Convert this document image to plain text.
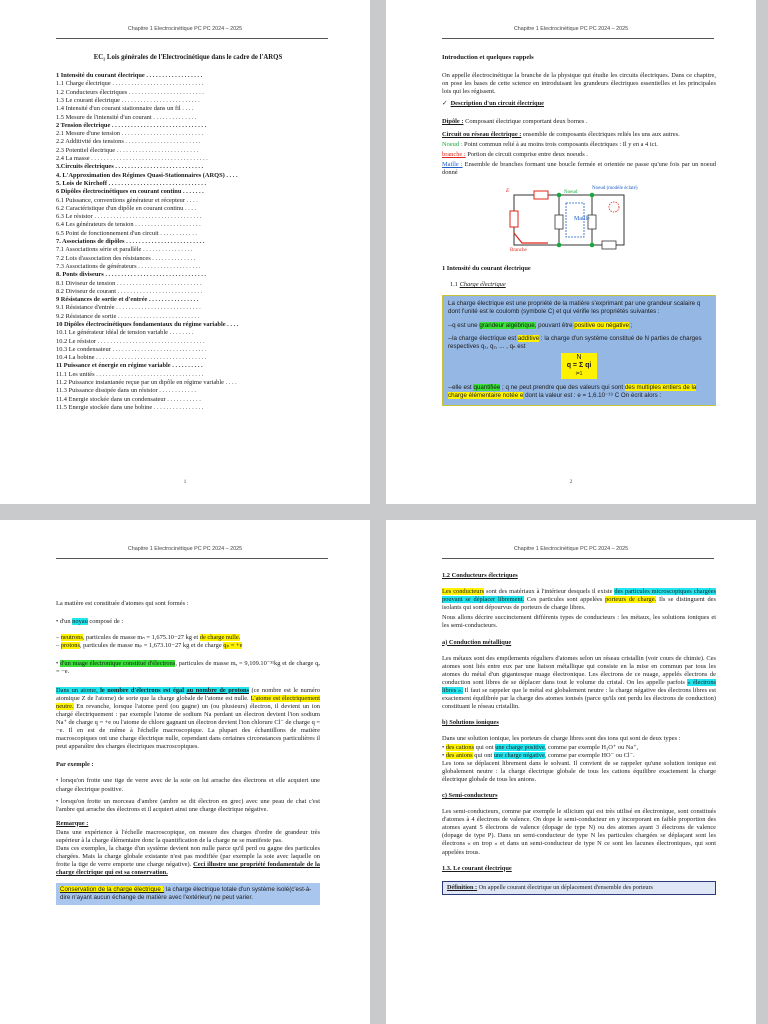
Chapitre 1 Electrocinétique PC PC 2024 – 2025
EC₁ Lois générales de l'Electrocinétique dans le cadre de l'ARQS
1 Intensité du courant électrique . . . . . . . . . . . . . . . . . .
1.1 Charge électrique . . . . . . . . . . . . . . . . . . . . . . . . . . . . .
1.2 Conducteurs électriques . . . . . . . . . . . . . . . . . . . . . . . .
1.3 Le courant électrique . . . . . . . . . . . . . . . . . . . . . . . . .
1.4 Intensité d'un courant stationnaire dans un fil . . . .
1.5 Mesure de l'intensité d'un courant . . . . . . . . . . . . . .
2 Tension électrique . . . . . . . . . . . . . . . . . . . . . . . . . . . . . .
2.1 Mesure d'une tension . . . . . . . . . . . . . . . . . . . . . . . . . .
2.2 Additivité des tensions . . . . . . . . . . . . . . . . . . . . . . . .
2.3 Potentiel électrique . . . . . . . . . . . . . . . . . . . . . . . . . .
2.4 La masse . . . . . . . . . . . . . . . . . . . . . . . . . . . . . . . . . . . . .
3.Circuits électriques . . . . . . . . . . . . . . . . . . . . . . . . . . . .
4. L'Approximation des Régimes Quasi-Stationnaires (ARQS) . . . .
5. Lois de Kirchoff . . . . . . . . . . . . . . . . . . . . . . . . . . . . . . .
6 Dipôles électrocinétiques en courant continu . . . . . . .
6.1 Puissance, conventions générateur et récepteur . . . .
6.2 Caractéristique d'un dipôle en courant continu . . . .
6.3 Le résistor . . . . . . . . . . . . . . . . . . . . . . . . . . . . . . . . . .
6.4 Les générateurs de tension . . . . . . . . . . . . . . . . . . . . .
6.5 Point de fonctionnement d'un circuit . . . . . . . . . . . .
7. Associations de dipôles . . . . . . . . . . . . . . . . . . . . . . . . .
7.1 Associations série et parallèle . . . . . . . . . . . . . . . .
7.2 Lois d'association des résistances . . . . . . . . . . . . . .
7.3 Associations de générateurs . . . . . . . . . . . . . . . . . . . .
8. Ponts diviseurs . . . . . . . . . . . . . . . . . . . . . . . . . . . . . . . .
8.1 Diviseur de tension . . . . . . . . . . . . . . . . . . . . . . . . . . .
8.2 Diviseur de courant . . . . . . . . . . . . . . . . . . . . . . . . . . .
9 Résistances de sortie et d'entrée . . . . . . . . . . . . . . . .
9.1 Résistance d'entrée . . . . . . . . . . . . . . . . . . . . . . . . . . .
9.2 Résistance de sortie . . . . . . . . . . . . . . . . . . . . . . . . . .
10 Dipôles électrocinétiques fondamentaux du régime variable . . . .
10.1 Le générateur idéal de tension variable . . . . . . . .
10.2 Le résistor . . . . . . . . . . . . . . . . . . . . . . . . . . . . . . . . . .
10.3 Le condensateur . . . . . . . . . . . . . . . . . . . . . . . . . . . . . .
10.4 La bobine . . . . . . . . . . . . . . . . . . . . . . . . . . . . . . . . . . .
11 Puissance et énergie en régime variable . . . . . . . . . .
11.1 Les unités . . . . . . . . . . . . . . . . . . . . . . . . . . . . . . . . . .
11.2 Puissance instantanée reçue par un dipôle en régime variable . . . .
11.3 Puissance dissipée dans un résistor . . . . . . . . . . . .
11.4 Energie stockée dans un condensateur . . . . . . . . . . .
11.5 Energie stockée dans une bobine . . . . . . . . . . . . . . . .
1
Chapitre 1 Electrocinétique PC PC 2024 – 2025
Introduction et quelques rappels

On appelle électrocinétique la branche de la physique qui étudie les circuits électriques. Dans ce chapitre, on pose les bases de cette science en introduisant les grandeurs électriques essentielles et les principales lois qui les régissent.

✓ Description d'un circuit électrique

Dipôle : Composant électrique comportant deux bornes .

Circuit ou réseau électrique : ensemble de composants électriques reliés les uns aux autres.

Noeud : Point commun relié à au moins trois composants électriques : Il y en a 4 ici.

branche : Portion de circuit comprise entre deux noeuds .

Maille : Ensemble de branches formant une boucle fermée et orientée ne passe qu'une fois par un noeud donné

E	Noeud
Noeud (modèle éclaté)
Maille
Branche
1 Intensité du courant électrique
1.1 Charge électrique

La charge électrique est une propriété de la matière s'exprimant par une grandeur scalaire q dont l'unité est le coulomb (symbole C) et qui vérifie les propriétés suivantes :

--q est une grandeur algébrique, pouvant être positive ou négative ;

--la charge électrique est additive : la charge d'un système constitué de N parties de charges respectives q₁, q₂, ... , qₙ est

N
q = Σ qi
i=1

--elle est quantifiée ; q ne peut prendre que des valeurs qui sont des multiples entiers de la charge élémentaire notée e dont la valeur est : e = 1,6.10⁻¹⁹ C On écrit alors :

2
Chapitre 1 Electrocinétique PC PC 2024 – 2025

La matière est constituée d'atomes qui sont formés :

• d'un noyau composé de :

– neutrons, particules de masse mₙ = 1,675.10−27 kg et de charge nulle.

– protons, particules de masse mₚ = 1,673.10−27 kg et de charge qₚ = +e

• d'un nuage électronique constitué d'électrons, particules de masse mₑ = 9,109.10⁻³¹kg et de charge qₑ = −e.

Dans un atome, le nombre d'électrons est égal au nombre de protons (ce nombre est le numéro atomique Z de l'atome) de sorte que la charge globale de l'atome est nulle. L'atome est électriquement neutre. En revanche, lorsque l'atome perd (ou gagne) un (ou plusieurs) électron, il devient un ion chargé électriquement : par exemple l'atome de sodium Na perdant un électron devient l'ion sodium Na⁺ de charge q = +e ou l'atome de chlore gagnant un électron devient l'ion chlorure Cl⁻ de charge q = −e. Il en est de même à l'échelle macroscopique. La plupart des échantillons de matière macroscopiques ont une charge électrique nulle, cependant dans certaines circonstances particulières il peut apparaître des charges électriques macroscopiques.

Par exemple :

• lorsqu'on frotte une tige de verre avec de la soie on lui arrache des électrons et elle acquiert une charge électrique positive.

• lorsqu'on frotte un morceau d'ambre (ambre se dit électron en grec) avec une peau de chat c'est l'ambre qui arrache des électrons et il acquiert ainsi une charge électrique négative.

Remarque :

Dans une expérience à l'échelle macroscopique, on mesure des charges d'ordre de grandeur très supérieur à la charge élémentaire donc la quantification de la charge ne se manifeste pas.

Dans ces exemples, la charge d'un système devient non nulle parce qu'il perd ou gagne des particules chargées. Mais la charge globale existante n'est pas modifiée (par exemple la soie avec laquelle on frotte la tige de verre emporte une charge négative). Ceci illustre une propriété fondamentale de la charge électrique qui est sa conservation.

Conservation de la charge électrique : la charge électrique totale d'un système isolé(c'est-à-dire n'ayant aucun échange de matière avec l'extérieur) ne peut varier.
Chapitre 1 Electrocinétique PC PC 2024 – 2025
1.2 Conducteurs électriques

Les conducteurs sont des matériaux à l'intérieur desquels il existe des particules microscopiques chargées pouvant se déplacer librement. Ces particules sont appelées porteurs de charge. Ils se distinguent des isolants qui sont dépourvus de porteurs de charge libres.

Nous allons décrire succinctement différents types de conducteurs : les métaux, les solutions ioniques et les semi-conducteurs.

a) Conduction métallique

Les métaux sont des empilements réguliers d'atomes selon un réseau cristallin (voir cours de chimie). Ces atomes sont liés entre eux par une liaison métallique qui consiste en la mise en commun par tous les atomes du métal d'un gigantesque nuage électronique. Les électrons de ce nuage, appelés électrons de conduction sont libres de se déplacer dans tout le volume du cristal. On les appelle parfois « électrons libres ». Il faut se rappeler que le métal est globalement neutre : la charge négative des électrons libres est exactement équilibrée par la charge des atomes ionisés (parce qu'ils ont perdu les électrons de conduction) constituant le réseau cristallin.

b) Solutions ioniques

Dans une solution ionique, les porteurs de charge libres sont des ions qui sont de deux types :

• des cations qui ont une charge positive, comme par exemple H₃O⁺ ou Na⁺,
• des anions qui ont une charge négative, comme par exemple HO⁻ ou Cl⁻.

Les ions se déplacent librement dans le solvant. Il convient de se rappeler qu'une solution ionique est globalement neutre : la charge électrique globale de tous les cations équilibre exactement la charge électrique globale de tous les anions.

c) Semi-conducteurs

Les semi-conducteurs, comme par exemple le silicium qui est très utilisé en électronique, sont constitués d'atomes à 4 électrons de valence. On dope le semi-conducteur en y incorporant en faible proportion des atomes ayant 5 électrons de valence (dopage de type N) ou des atomes ayant 3 électrons de valence (dopage de type P). Dans un semi-conducteur de type N les particules chargées se déplaçant sont les électrons « en trop » et dans un semi-conducteur de type N ce sont les lacunes électroniques, qui sont appelées trous.

1.3. Le courant électrique
Définition : On appelle courant électrique un déplacement d'ensemble des porteurs
